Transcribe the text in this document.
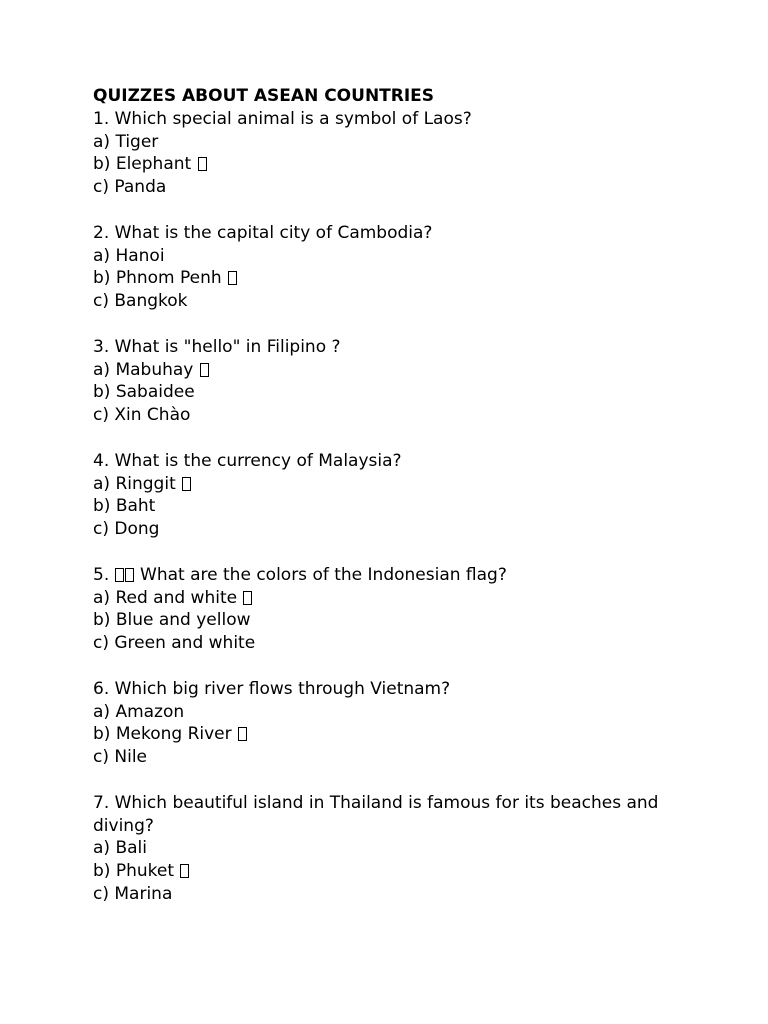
QUIZZES ABOUT ASEAN COUNTRIES

1. Which special animal is a symbol of Laos?

a) Tiger

b) Elephant

c) Panda

2. What is the capital city of Cambodia?

a) Hanoi

b) Phnom Penh

c) Bangkok

3. What is "hello" in Filipino ?

a) Mabuhay

b) Sabaidee

c) Xin Chào

4. What is the currency of Malaysia?

a) Ringgit

b) Baht

c) Dong

5. What are the colors of the Indonesian flag?

a) Red and white

b) Blue and yellow

c) Green and white

6. Which big river flows through Vietnam?

a) Amazon

b) Mekong River

c) Nile

7. Which beautiful island in Thailand is famous for its beaches and diving?

a) Bali

b) Phuket

c) Marina
